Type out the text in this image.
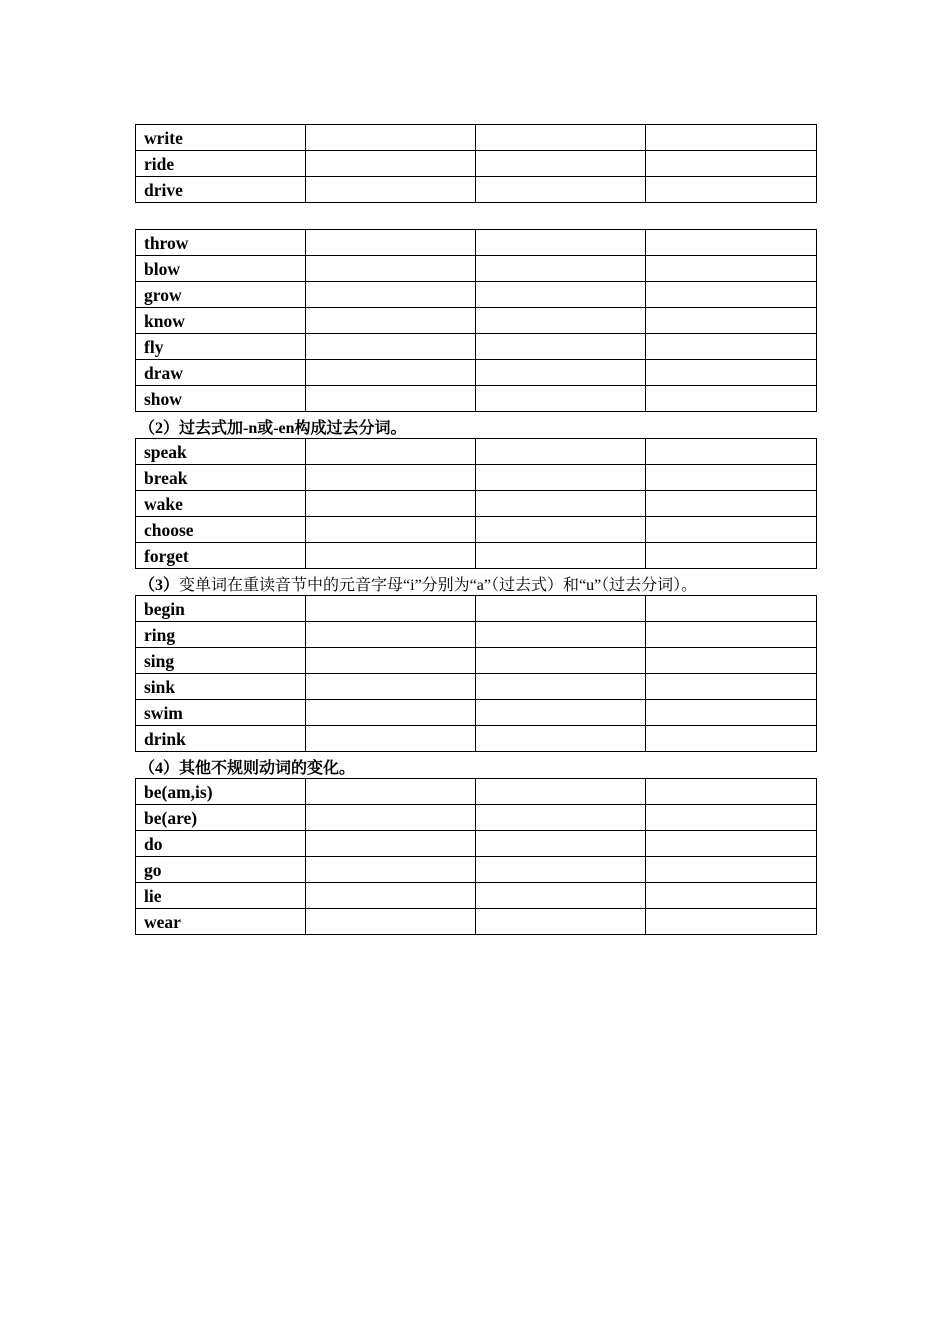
write			
ride			
drive			
throw			
blow			
grow			
know			
fly			
draw			
show			
（2）过去式加-n或-en构成过去分词。
speak			
break			
wake			
choose			
forget			
（3）变单词在重读音节中的元音字母“i”分别为“a”（过去式）和“u”（过去分词）。
begin			
ring			
sing			
sink			
swim			
drink			
（4）其他不规则动词的变化。
be(am,is)			
be(are)			
do			
go			
lie			
wear			
